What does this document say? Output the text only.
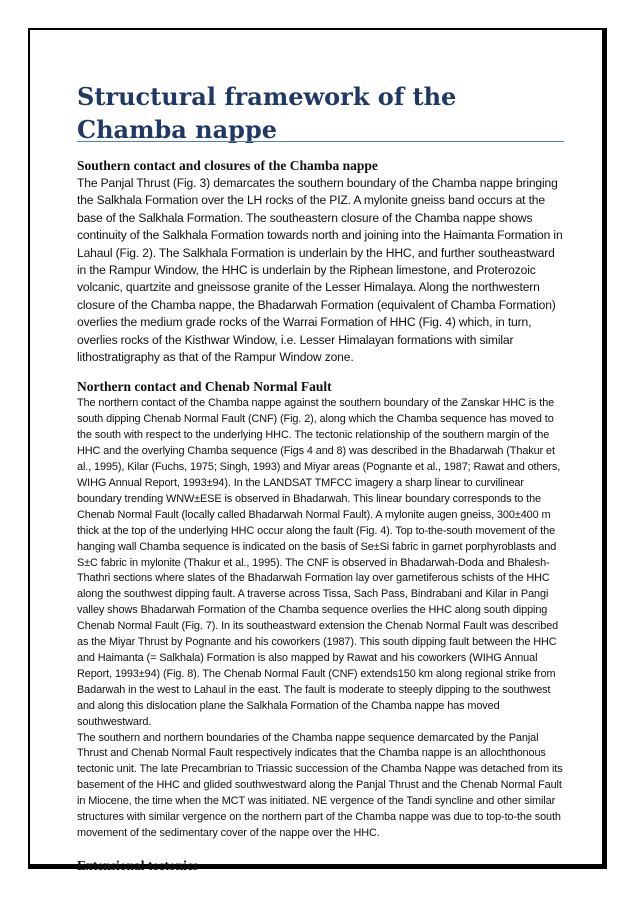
Structural framework of the Chamba nappe
Southern contact and closures of the Chamba nappe

The Panjal Thrust (Fig. 3) demarcates the southern boundary of the Chamba nappe bringing the Salkhala Formation over the LH rocks of the PIZ. A mylonite gneiss band occurs at the base of the Salkhala Formation. The southeastern closure of the Chamba nappe shows continuity of the Salkhala Formation towards north and joining into the Haimanta Formation in Lahaul (Fig. 2). The Salkhala Formation is underlain by the HHC, and further southeastward in the Rampur Window, the HHC is underlain by the Riphean limestone, and Proterozoic volcanic, quartzite and gneissose granite of the Lesser Himalaya. Along the northwestern closure of the Chamba nappe, the Bhadarwah Formation (equivalent of Chamba Formation) overlies the medium grade rocks of the Warrai Formation of HHC (Fig. 4) which, in turn, overlies rocks of the Kisthwar Window, i.e. Lesser Himalayan formations with similar lithostratigraphy as that of the Rampur Window zone.

Northern contact and Chenab Normal Fault

The northern contact of the Chamba nappe against the southern boundary of the Zanskar HHC is the south dipping Chenab Normal Fault (CNF) (Fig. 2), along which the Chamba sequence has moved to the south with respect to the underlying HHC. The tectonic relationship of the southern margin of the HHC and the overlying Chamba sequence (Figs 4 and 8) was described in the Bhadarwah (Thakur et al., 1995), Kilar (Fuchs, 1975; Singh, 1993) and Miyar areas (Pognante et al., 1987; Rawat and others, WIHG Annual Report, 1993±94). In the LANDSAT TMFCC imagery a sharp linear to curvilinear boundary trending WNW±ESE is observed in Bhadarwah. This linear boundary corresponds to the Chenab Normal Fault (locally called Bhadarwah Normal Fault). A mylonite augen gneiss, 300±400 m thick at the top of the underlying HHC occur along the fault (Fig. 4). Top to-the-south movement of the hanging wall Chamba sequence is indicated on the basis of Se±Si fabric in garnet porphyroblasts and S±C fabric in mylonite (Thakur et al., 1995). The CNF is observed in Bhadarwah-Doda and Bhalesh-Thathri sections where slates of the Bhadarwah Formation lay over garnetiferous schists of the HHC along the southwest dipping fault. A traverse across Tissa, Sach Pass, Bindrabani and Kilar in Pangi valley shows Bhadarwah Formation of the Chamba sequence overlies the HHC along south dipping Chenab Normal Fault (Fig. 7). In its southeastward extension the Chenab Normal Fault was described as the Miyar Thrust by Pognante and his coworkers (1987). This south dipping fault between the HHC and Haimanta (= Salkhala) Formation is also mapped by Rawat and his coworkers (WIHG Annual Report, 1993±94) (Fig. 8). The Chenab Normal Fault (CNF) extends150 km along regional strike from Badarwah in the west to Lahaul in the east. The fault is moderate to steeply dipping to the southwest and along this dislocation plane the Salkhala Formation of the Chamba nappe has moved southwestward.

The southern and northern boundaries of the Chamba nappe sequence demarcated by the Panjal Thrust and Chenab Normal Fault respectively indicates that the Chamba nappe is an allochthonous tectonic unit. The late Precambrian to Triassic succession of the Chamba Nappe was detached from its basement of the HHC and glided southwestward along the Panjal Thrust and the Chenab Normal Fault in Miocene, the time when the MCT was initiated. NE vergence of the Tandi syncline and other similar structures with similar vergence on the northern part of the Chamba nappe was due to top-to-the south movement of the sedimentary cover of the nappe over the HHC.

Extensional tectonics
